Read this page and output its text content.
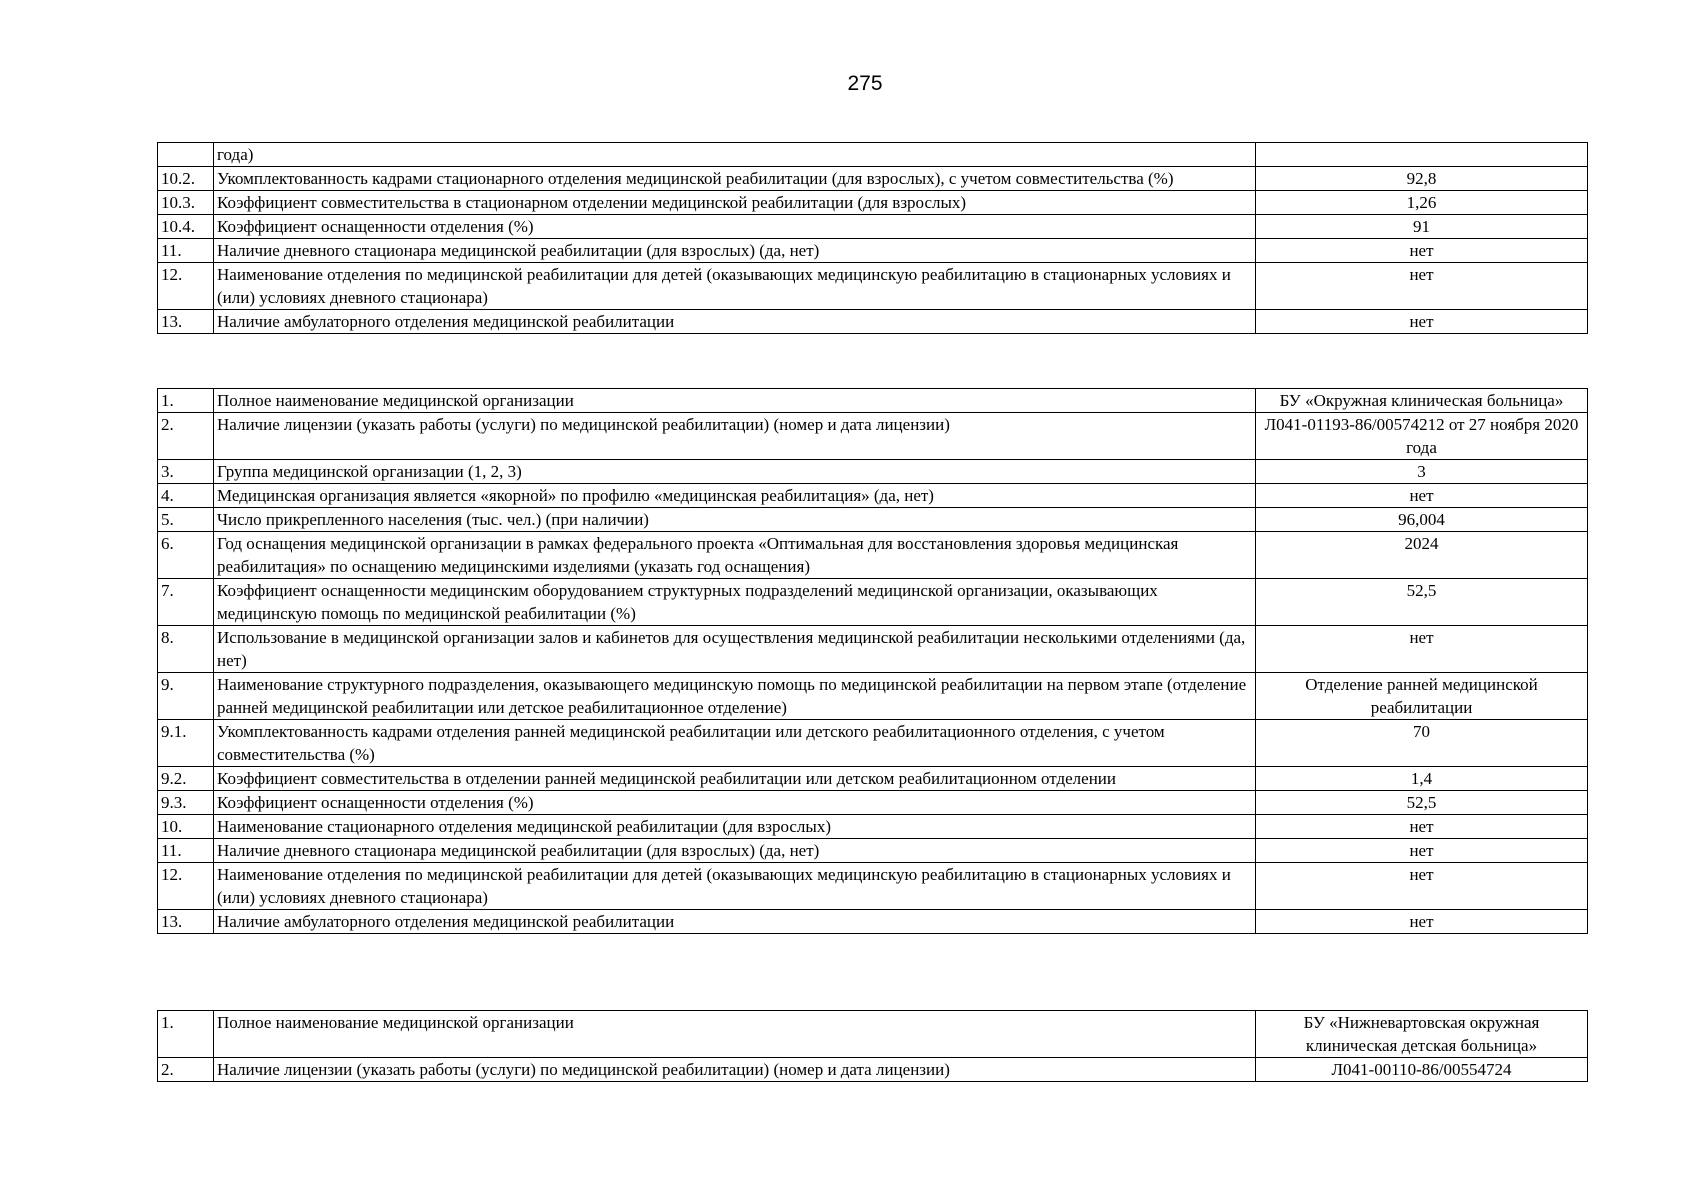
275
	года)	
10.2.	Укомплектованность кадрами стационарного отделения медицинской реабилитации (для взрослых), с учетом совместительства (%)	92,8
10.3.	Коэффициент совместительства в стационарном отделении медицинской реабилитации (для взрослых)	1,26
10.4.	Коэффициент оснащенности отделения (%)	91
11.	Наличие дневного стационара медицинской реабилитации (для взрослых) (да, нет)	нет
12.	Наименование отделения по медицинской реабилитации для детей (оказывающих медицинскую реабилитацию в стационарных условиях и (или) условиях дневного стационара)	нет
13.	Наличие амбулаторного отделения медицинской реабилитации	нет
1.	Полное наименование медицинской организации	БУ «Окружная клиническая больница»
2.	Наличие лицензии (указать работы (услуги) по медицинской реабилитации) (номер и дата лицензии)	Л041-01193-86/00574212 от 27 ноября 2020 года
3.	Группа медицинской организации (1, 2, 3)	3
4.	Медицинская организация является «якорной» по профилю «медицинская реабилитация» (да, нет)	нет
5.	Число прикрепленного населения (тыс. чел.) (при наличии)	96,004
6.	Год оснащения медицинской организации в рамках федерального проекта «Оптимальная для восстановления здоровья медицинская реабилитация» по оснащению медицинскими изделиями (указать год оснащения)	2024
7.	Коэффициент оснащенности медицинским оборудованием структурных подразделений медицинской организации, оказывающих медицинскую помощь по медицинской реабилитации (%)	52,5
8.	Использование в медицинской организации залов и кабинетов для осуществления медицинской реабилитации несколькими отделениями (да, нет)	нет
9.	Наименование структурного подразделения, оказывающего медицинскую помощь по медицинской реабилитации на первом этапе (отделение ранней медицинской реабилитации или детское реабилитационное отделение)	Отделение ранней медицинской реабилитации
9.1.	Укомплектованность кадрами отделения ранней медицинской реабилитации или детского реабилитационного отделения, с учетом совместительства (%)	70
9.2.	Коэффициент совместительства в отделении ранней медицинской реабилитации или детском реабилитационном отделении	1,4
9.3.	Коэффициент оснащенности отделения (%)	52,5
10.	Наименование стационарного отделения медицинской реабилитации (для взрослых)	нет
11.	Наличие дневного стационара медицинской реабилитации (для взрослых) (да, нет)	нет
12.	Наименование отделения по медицинской реабилитации для детей (оказывающих медицинскую реабилитацию в стационарных условиях и (или) условиях дневного стационара)	нет
13.	Наличие амбулаторного отделения медицинской реабилитации	нет
1.	Полное наименование медицинской организации	БУ «Нижневартовская окружная клиническая детская больница»
2.	Наличие лицензии (указать работы (услуги) по медицинской реабилитации) (номер и дата лицензии)	Л041-00110-86/00554724
